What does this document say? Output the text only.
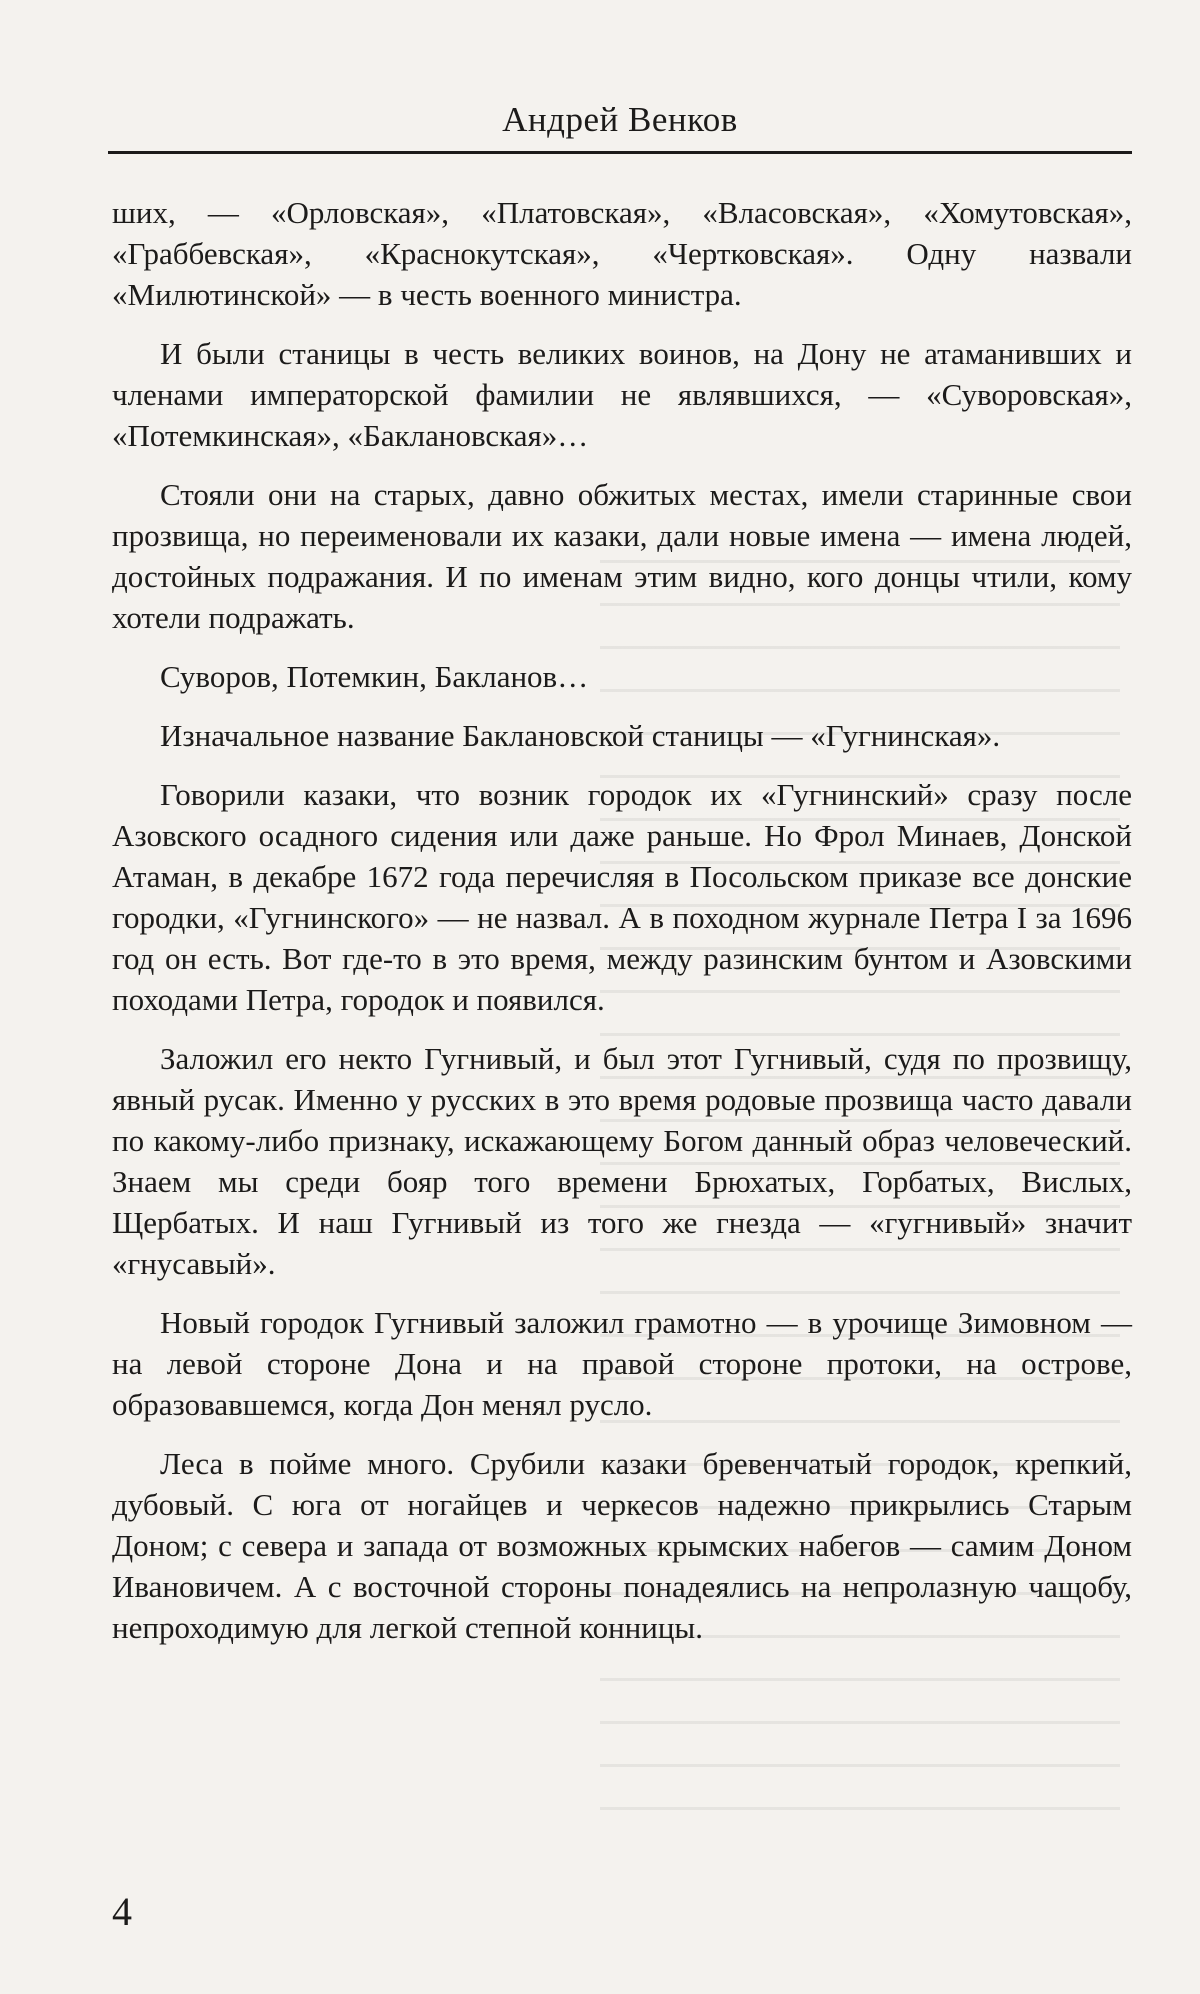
Андрей Венков

ших, — «Орловская», «Платовская», «Власовская», «Хомутовская», «Граббевская», «Краснокутская», «Чертковская». Одну назвали «Милютинской» — в честь военного министра.

И были станицы в честь великих воинов, на Дону не атаманивших и членами императорской фамилии не являвшихся, — «Суворовская», «Потемкинская», «Баклановская»…

Стояли они на старых, давно обжитых местах, имели старинные свои прозвища, но переименовали их казаки, дали новые имена — имена людей, достойных подражания. И по именам этим видно, кого донцы чтили, кому хотели подражать.

Суворов, Потемкин, Бакланов…

Изначальное название Баклановской станицы — «Гугнинская».

Говорили казаки, что возник городок их «Гугнинский» сразу после Азовского осадного сидения или даже раньше. Но Фрол Минаев, Донской Атаман, в декабре 1672 года перечисляя в Посольском приказе все донские городки, «Гугнинского» — не назвал. А в походном журнале Петра I за 1696 год он есть. Вот где-то в это время, между разинским бунтом и Азовскими походами Петра, городок и появился.

Заложил его некто Гугнивый, и был этот Гугнивый, судя по прозвищу, явный русак. Именно у русских в это время родовые прозвища часто давали по какому-либо признаку, искажающему Богом данный образ человеческий. Знаем мы среди бояр того времени Брюхатых, Горбатых, Вислых, Щербатых. И наш Гугнивый из того же гнезда — «гугнивый» значит «гнусавый».

Новый городок Гугнивый заложил грамотно — в урочище Зимовном — на левой стороне Дона и на правой стороне протоки, на острове, образовавшемся, когда Дон менял русло.

Леса в пойме много. Срубили казаки бревенчатый городок, крепкий, дубовый. С юга от ногайцев и черкесов надежно прикрылись Старым Доном; с севера и запада от возможных крымских набегов — самим Доном Ивановичем. А с восточной стороны понадеялись на непролазную чащобу, непроходимую для легкой степной конницы.

4
